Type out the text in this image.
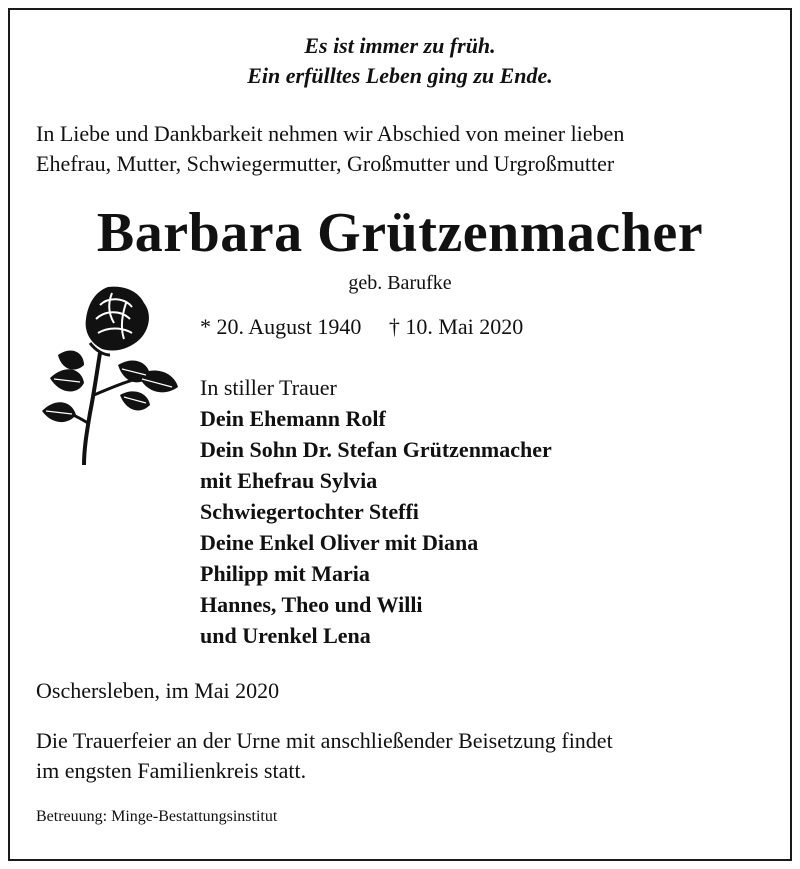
Es ist immer zu früh.
Ein erfülltes Leben ging zu Ende.
In Liebe und Dankbarkeit nehmen wir Abschied von meiner lieben
Ehefrau, Mutter, Schwiegermutter, Großmutter und Urgroßmutter
Barbara Grützenmacher
geb. Barufke
* 20. August 1940 † 10. Mai 2020
In stiller Trauer
Dein Ehemann Rolf
Dein Sohn Dr. Stefan Grützenmacher
mit Ehefrau Sylvia
Schwiegertochter Steffi
Deine Enkel Oliver mit Diana
Philipp mit Maria
Hannes, Theo und Willi
und Urenkel Lena
Oschersleben, im Mai 2020
Die Trauerfeier an der Urne mit anschließender Beisetzung findet
im engsten Familienkreis statt.
Betreuung: Minge-Bestattungsinstitut
